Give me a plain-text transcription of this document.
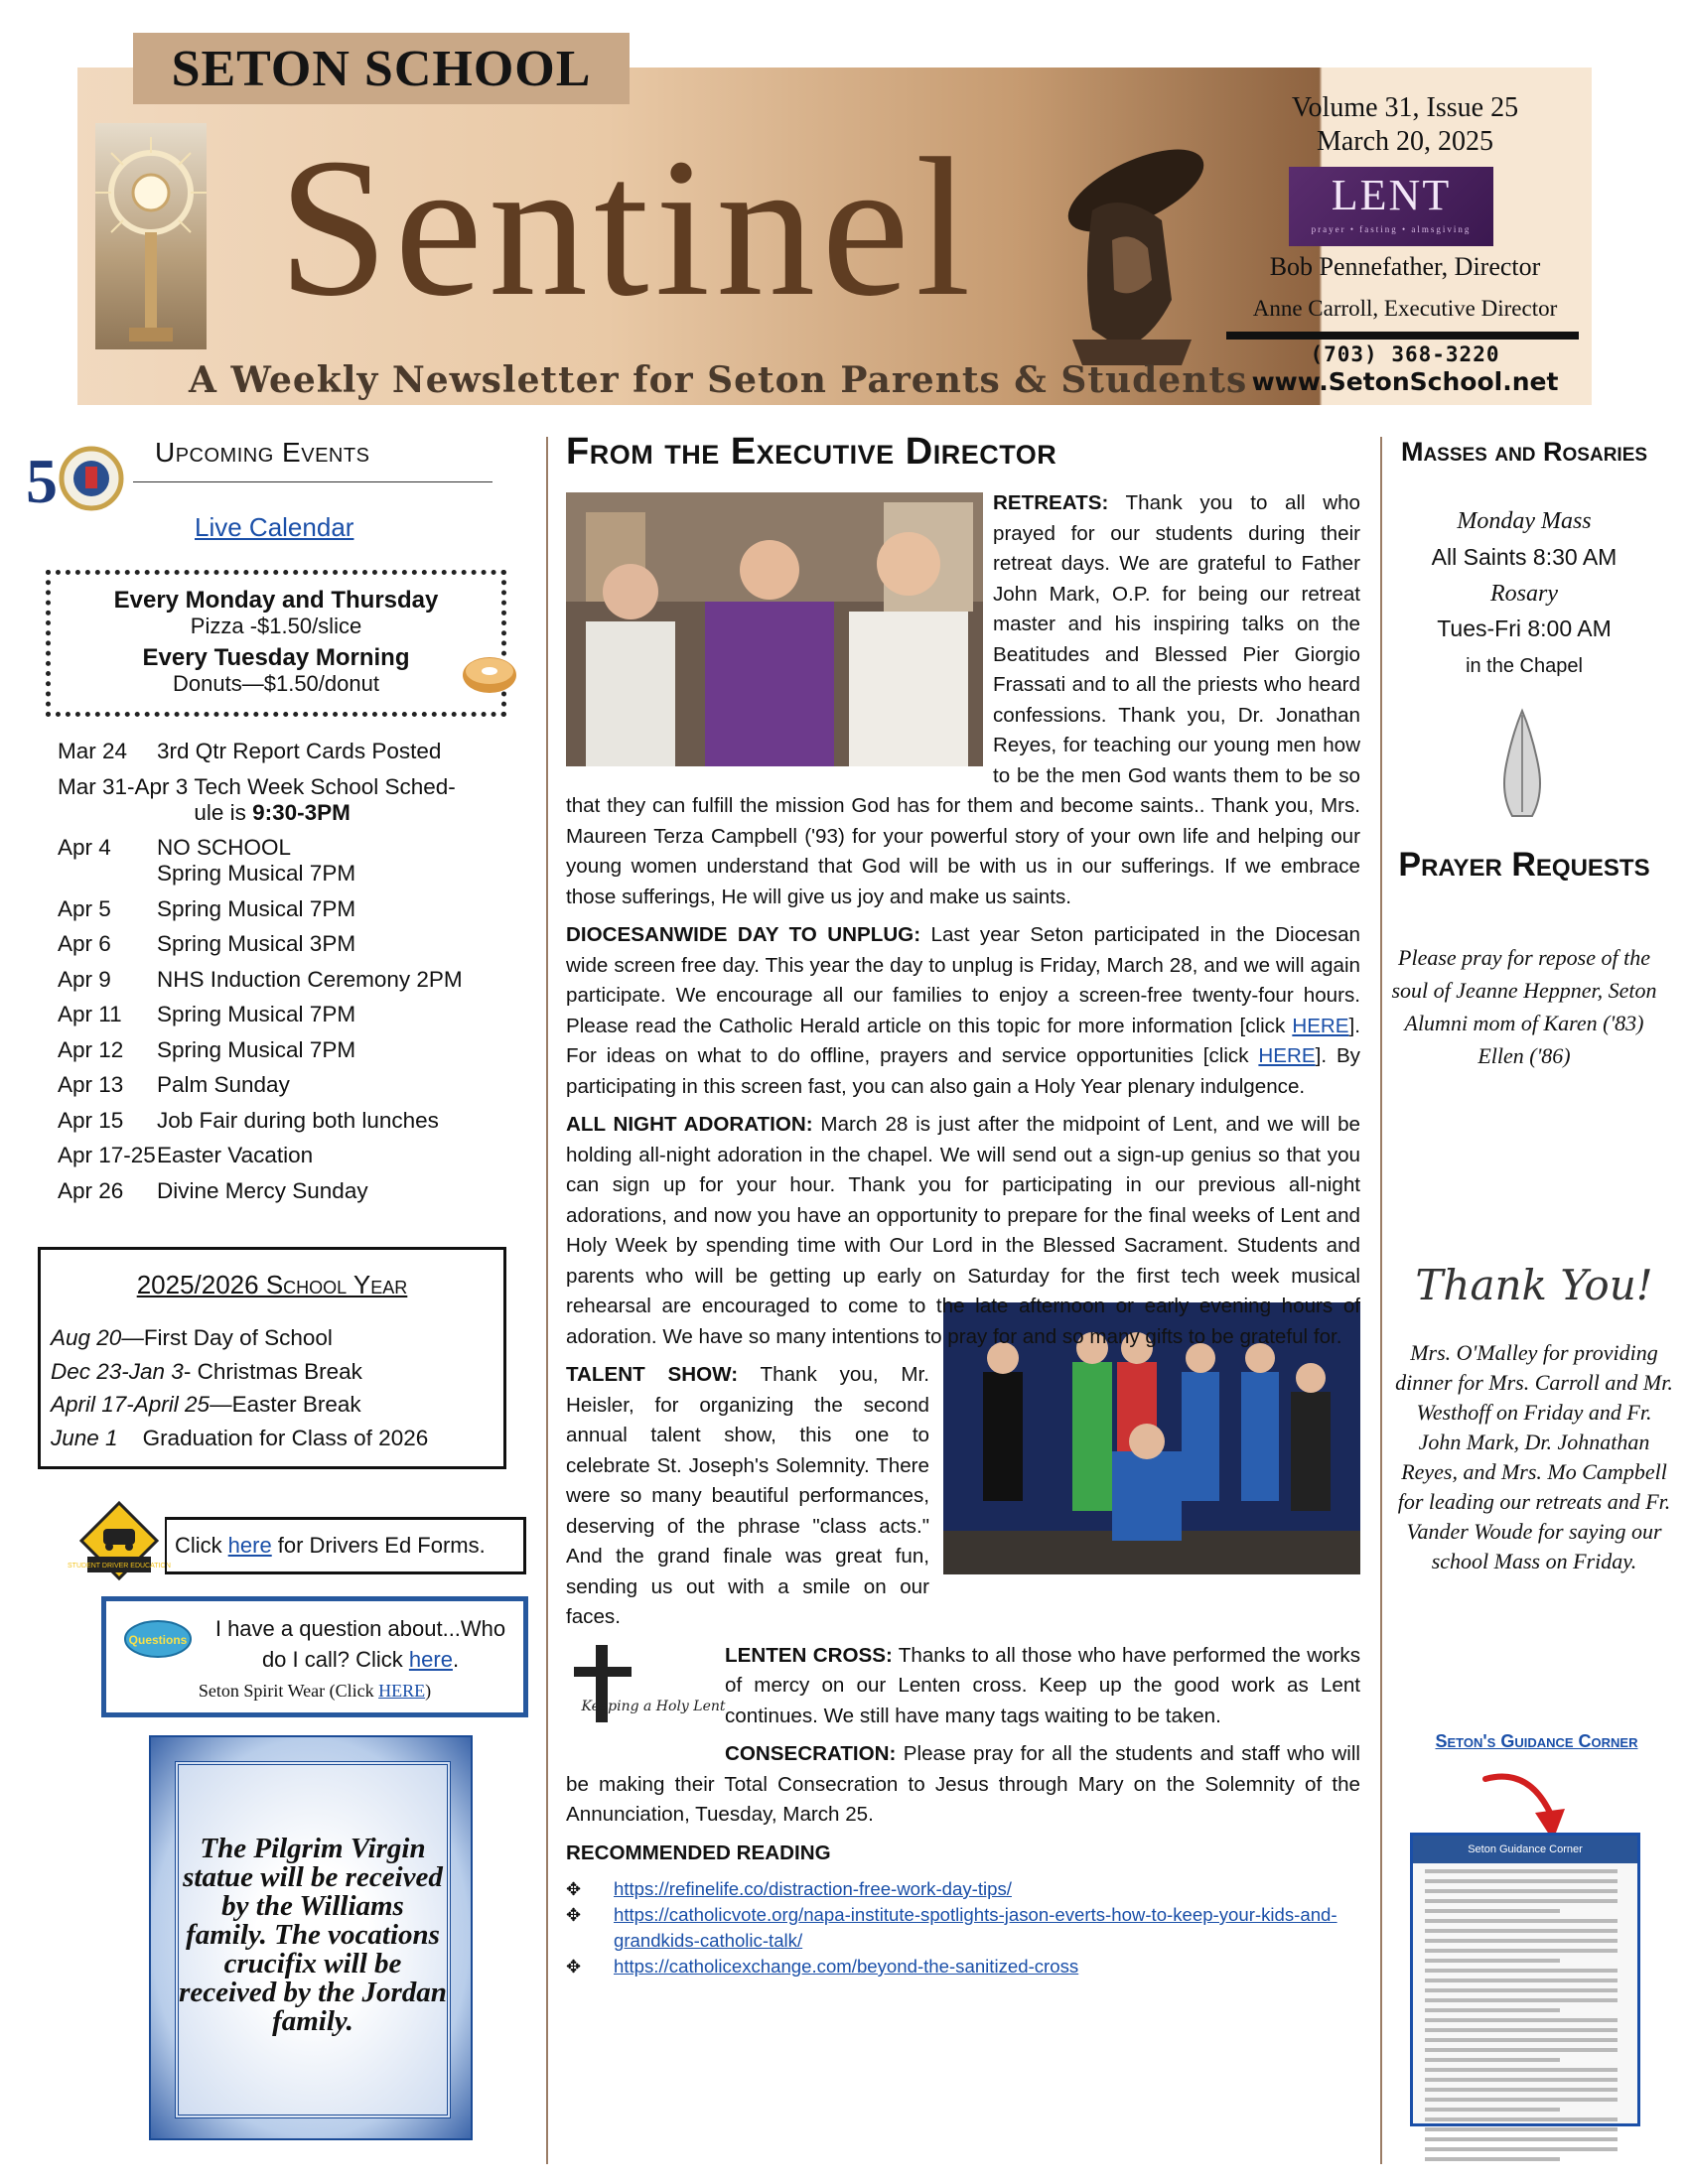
SETON SCHOOL
Sentinel
A Weekly Newsletter for Seton Parents & Students
Volume 31, Issue 25
March 20, 2025
LENT
prayer • fasting • almsgiving
Bob Pennefather, Director
Anne Carroll, Executive Director
(703) 368-3220
www.SetonSchool.net
5	Upcoming Events
Live Calendar
Every Monday and Thursday
Pizza -$1.50/slice
Every Tuesday Morning
Donuts—$1.50/donut
Mar 24	3rd Qtr Report Cards Posted
Mar 31-Apr 3 Tech Week School Sched-
ule is 9:30-3PM
Apr 4	NO SCHOOL
Spring Musical 7PM
Apr 5	Spring Musical 7PM
Apr 6	Spring Musical 3PM
Apr 9	NHS Induction Ceremony 2PM
Apr 11	Spring Musical 7PM
Apr 12	Spring Musical 7PM
Apr 13	Palm Sunday
Apr 15	Job Fair during both lunches
Apr 17-25 Easter Vacation
Apr 26	Divine Mercy Sunday
2025/2026 School Year
Aug 20—First Day of School
Dec 23-Jan 3- Christmas Break
April 17-April 25—Easter Break
June 1    Graduation for Class of 2026
STUDENT DRIVER EDUCATION
Click here for Drivers Ed Forms.
Questions	I have a question about...Who do I call? Click here.
Seton Spirit Wear (Click HERE)
The Pilgrim Virgin statue will be received by the Williams family. The vocations crucifix will be received by the Jordan family.
From the Executive Director

RETREATS: Thank you to all who prayed for our students during their retreat days. We are grateful to Father John Mark, O.P. for being our retreat master and his inspiring talks on the Beatitudes and Blessed Pier Giorgio Frassati and to all the priests who heard confessions. Thank you, Dr. Jonathan Reyes, for teaching our young men how to be the men God wants them to be so that they can fulfill the mission God has for them and become saints.. Thank you, Mrs. Maureen Terza Campbell ('93) for your powerful story of your own life and helping our young women understand that God will be with us in our sufferings. If we embrace those sufferings, He will give us joy and make us saints.

DIOCESANWIDE DAY TO UNPLUG: Last year Seton participated in the Diocesan wide screen free day. This year the day to unplug is Friday, March 28, and we will again participate. We encourage all our families to enjoy a screen-free twenty-four hours. Please read the Catholic Herald article on this topic for more information [click HERE]. For ideas on what to do offline, prayers and service opportunities [click HERE]. By participating in this screen fast, you can also gain a Holy Year plenary indulgence.

ALL NIGHT ADORATION: March 28 is just after the midpoint of Lent, and we will be holding all-night adoration in the chapel. We will send out a sign-up genius so that you can sign up for your hour. Thank you for participating in our previous all-night adorations, and now you have an opportunity to prepare for the final weeks of Lent and Holy Week by spending time with Our Lord in the Blessed Sacrament. Students and parents who will be getting up early on Saturday for the first tech week musical rehearsal are encouraged to come to the late afternoon or early evening hours of adoration. We have so many intentions to pray for and so many gifts to be grateful for.

TALENT SHOW: Thank you, Mr. Heisler, for organizing the second annual talent show, this one to celebrate St. Joseph's Solemnity. There were so many beautiful performances, deserving of the phrase "class acts." And the grand finale was great fun, sending us out with a smile on our faces.

Keeping a Holy Lent

LENTEN CROSS: Thanks to all those who have performed the works of mercy on our Lenten cross. Keep up the good work as Lent continues. We still have many tags waiting to be taken.

CONSECRATION: Please pray for all the students and staff who will be making their Total Consecration to Jesus through Mary on the Solemnity of the Annunciation, Tuesday, March 25.

RECOMMENDED READING
✥	https://refinelife.co/distraction-free-work-day-tips/
✥	https://catholicvote.org/napa-institute-spotlights-jason-everts-how-to-keep-your-kids-and-grandkids-catholic-talk/
✥	https://catholicexchange.com/beyond-the-sanitized-cross
Masses and Rosaries
Monday Mass
All Saints 8:30 AM
Rosary
Tues-Fri 8:00 AM
in the Chapel
Prayer Requests
Please pray for repose of the soul of Jeanne Heppner, Seton Alumni mom of Karen ('83) Ellen ('86)
Thank You!
Mrs. O'Malley for providing dinner for Mrs. Carroll and Mr. Westhoff on Friday and Fr. John Mark, Dr. Johnathan Reyes, and Mrs. Mo Campbell for leading our retreats and Fr. Vander Woude for saying our school Mass on Friday.
Seton's Guidance Corner
Seton Guidance Corner
